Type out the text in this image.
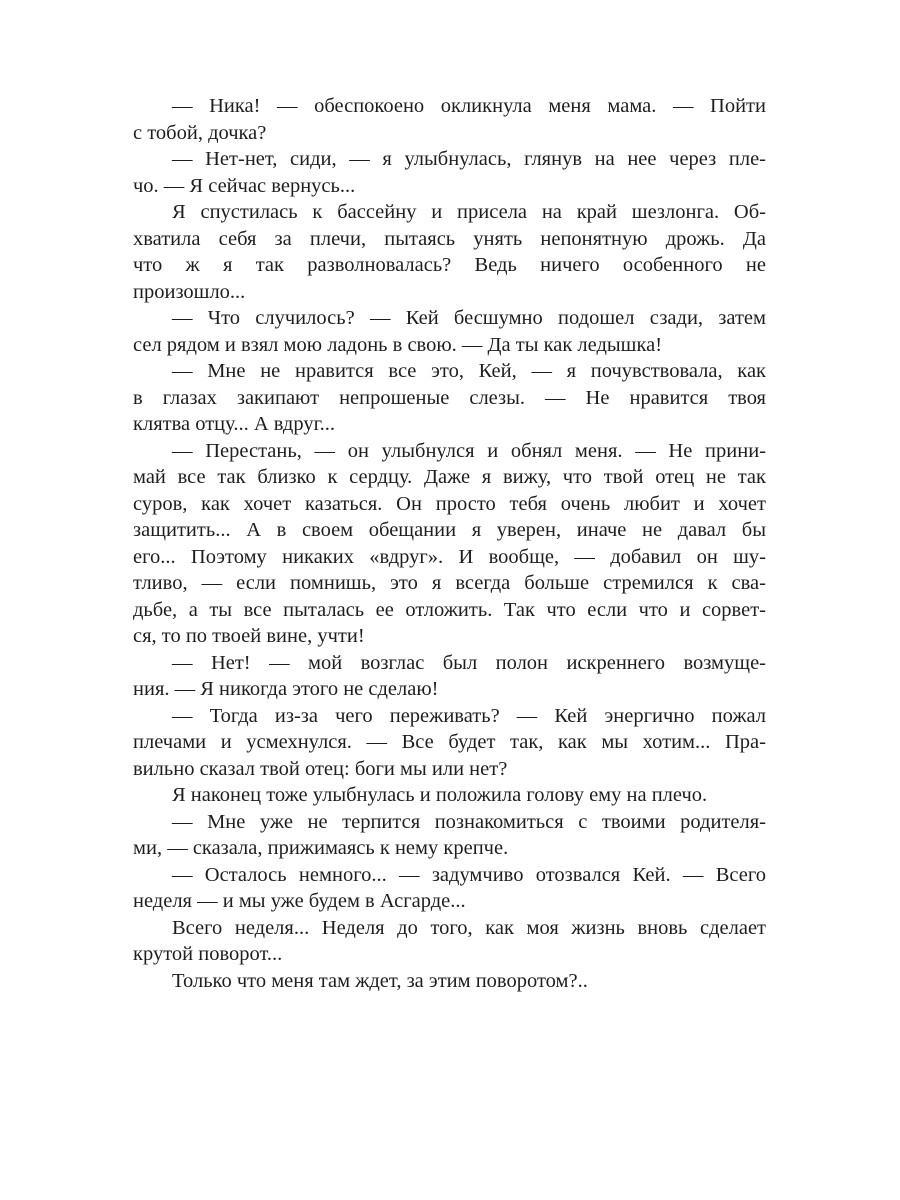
— Ника! — обеспокоено окликнула меня мама. — Пойти
с тобой, дочка?
— Нет-нет, сиди, — я улыбнулась, глянув на нее через пле-
чо. — Я сейчас вернусь...
Я спустилась к бассейну и присела на край шезлонга. Об-
хватила себя за плечи, пытаясь унять непонятную дрожь. Да
что ж я так разволновалась? Ведь ничего особенного не
произошло...
— Что случилось? — Кей бесшумно подошел сзади, затем
сел рядом и взял мою ладонь в свою. — Да ты как ледышка!
— Мне не нравится все это, Кей, — я почувствовала, как
в глазах закипают непрошеные слезы. — Не нравится твоя
клятва отцу... А вдруг...
— Перестань, — он улыбнулся и обнял меня. — Не прини-
май все так близко к сердцу. Даже я вижу, что твой отец не так
суров, как хочет казаться. Он просто тебя очень любит и хочет
защитить... А в своем обещании я уверен, иначе не давал бы
его... Поэтому никаких «вдруг». И вообще, — добавил он шу-
тливо, — если помнишь, это я всегда больше стремился к сва-
дьбе, а ты все пыталась ее отложить. Так что если что и сорвет-
ся, то по твоей вине, учти!
— Нет! — мой возглас был полон искреннего возмуще-
ния. — Я никогда этого не сделаю!
— Тогда из-за чего переживать? — Кей энергично пожал
плечами и усмехнулся. — Все будет так, как мы хотим... Пра-
вильно сказал твой отец: боги мы или нет?
Я наконец тоже улыбнулась и положила голову ему на плечо.
— Мне уже не терпится познакомиться с твоими родителя-
ми, — сказала, прижимаясь к нему крепче.
— Осталось немного... — задумчиво отозвался Кей. — Всего
неделя — и мы уже будем в Асгарде...
Всего неделя... Неделя до того, как моя жизнь вновь сделает
крутой поворот...
Только что меня там ждет, за этим поворотом?..
